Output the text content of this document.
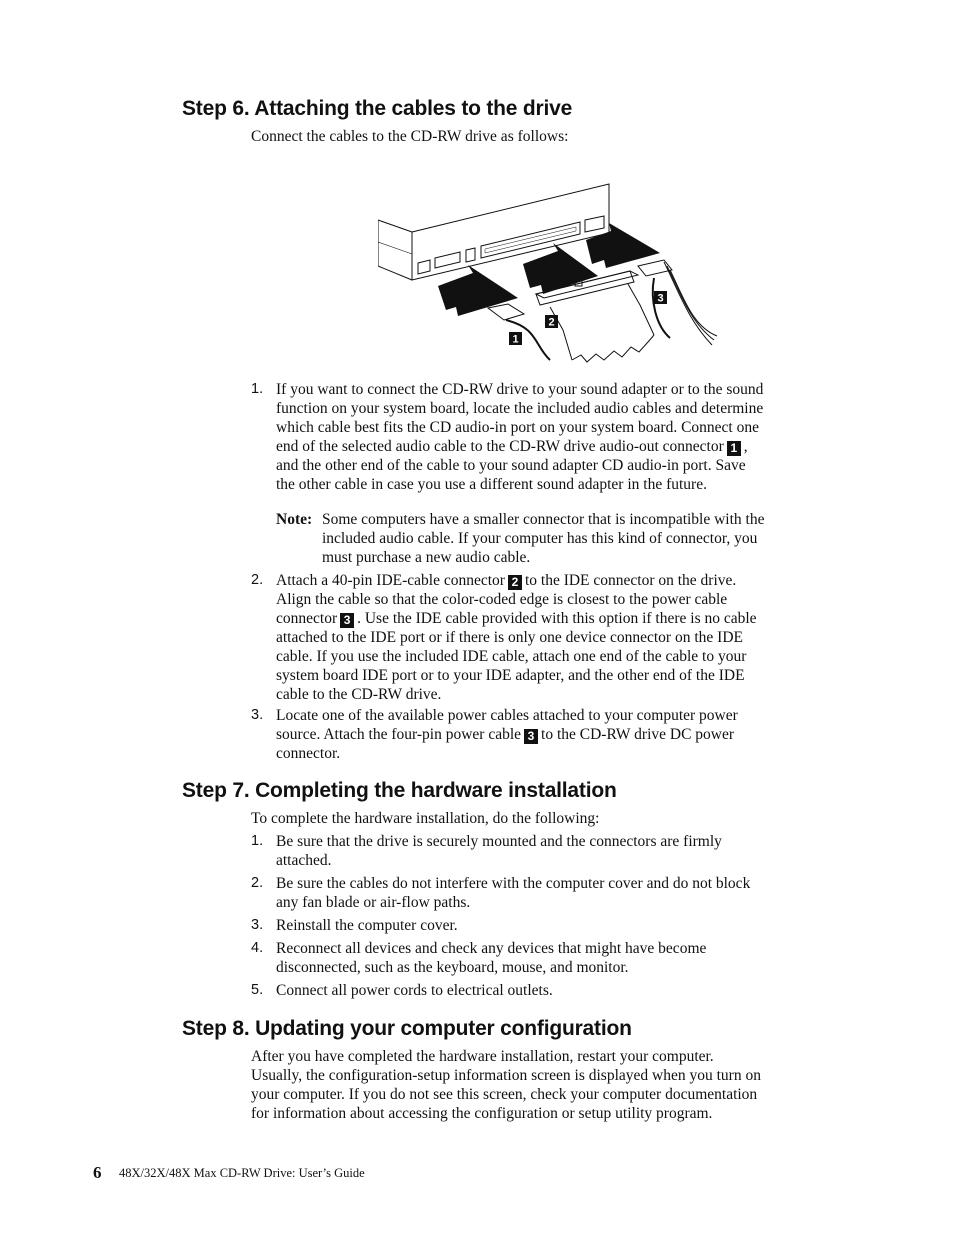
Step 6. Attaching the cables to the drive

Connect the cables to the CD-RW drive as follows:

1
2
3
1. If you want to connect the CD-RW drive to your sound adapter or to the sound
function on your system board, locate the included audio cables and determine
which cable best fits the CD audio-in port on your system board. Connect one
end of the selected audio cable to the CD-RW drive audio-out connector 1 ,
and the other end of the cable to your sound adapter CD audio-in port. Save
the other cable in case you use a different sound adapter in the future.
Note: Some computers have a smaller connector that is incompatible with the
included audio cable. If your computer has this kind of connector, you
must purchase a new audio cable.
2. Attach a 40-pin IDE-cable connector 2 to the IDE connector on the drive.
Align the cable so that the color-coded edge is closest to the power cable
connector 3 . Use the IDE cable provided with this option if there is no cable
attached to the IDE port or if there is only one device connector on the IDE
cable. If you use the included IDE cable, attach one end of the cable to your
system board IDE port or to your IDE adapter, and the other end of the IDE
cable to the CD-RW drive.
3. Locate one of the available power cables attached to your computer power
source. Attach the four-pin power cable 3 to the CD-RW drive DC power
connector.
Step 7. Completing the hardware installation

To complete the hardware installation, do the following:

1. Be sure that the drive is securely mounted and the connectors are firmly
attached.
2. Be sure the cables do not interfere with the computer cover and do not block
any fan blade or air-flow paths.
3. Reinstall the computer cover.
4. Reconnect all devices and check any devices that might have become
disconnected, such as the keyboard, mouse, and monitor.
5. Connect all power cords to electrical outlets.
Step 8. Updating your computer configuration
After you have completed the hardware installation, restart your computer.
Usually, the configuration-setup information screen is displayed when you turn on
your computer. If you do not see this screen, check your computer documentation
for information about accessing the configuration or setup utility program.
6 48X/32X/48X Max CD-RW Drive: User’s Guide
